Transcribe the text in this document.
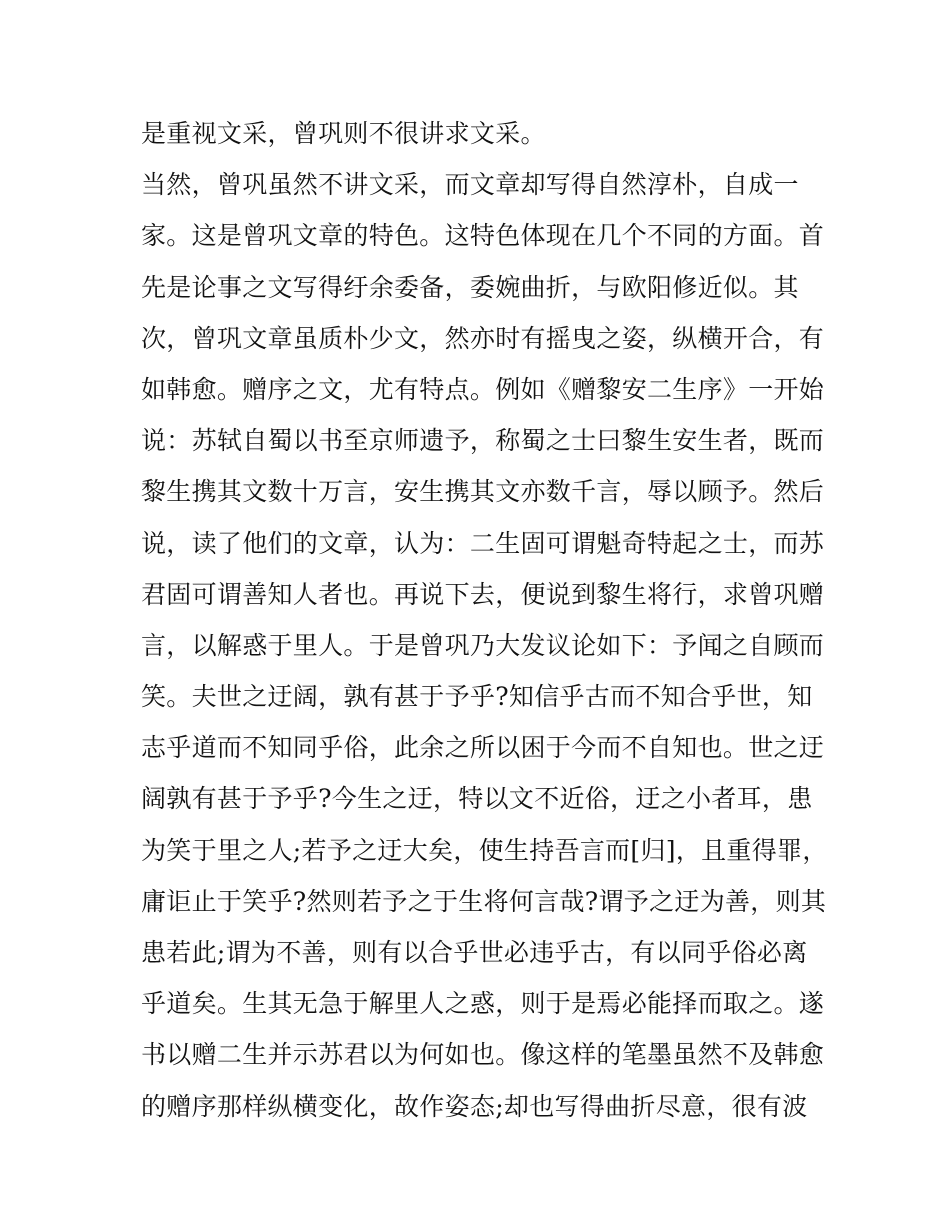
是重视文采，曾巩则不很讲求文采。
当然，曾巩虽然不讲文采，而文章却写得自然淳朴，自成一
家。这是曾巩文章的特色。这特色体现在几个不同的方面。首
先是论事之文写得纡余委备，委婉曲折，与欧阳修近似。其
次，曾巩文章虽质朴少文，然亦时有摇曳之姿，纵横开合，有
如韩愈。赠序之文，尤有特点。例如《赠黎安二生序》一开始
说：苏轼自蜀以书至京师遗予，称蜀之士曰黎生安生者，既而
黎生携其文数十万言，安生携其文亦数千言，辱以顾予。然后
说，读了他们的文章，认为：二生固可谓魁奇特起之士，而苏
君固可谓善知人者也。再说下去，便说到黎生将行，求曾巩赠
言，以解惑于里人。于是曾巩乃大发议论如下：予闻之自顾而
笑。夫世之迂阔，孰有甚于予乎?知信乎古而不知合乎世，知
志乎道而不知同乎俗，此余之所以困于今而不自知也。世之迂
阔孰有甚于予乎?今生之迂，特以文不近俗，迂之小者耳，患
为笑于里之人;若予之迂大矣，使生持吾言而[归]，且重得罪，
庸讵止于笑乎?然则若予之于生将何言哉?谓予之迂为善，则其
患若此;谓为不善，则有以合乎世必违乎古，有以同乎俗必离
乎道矣。生其无急于解里人之惑，则于是焉必能择而取之。遂
书以赠二生并示苏君以为何如也。像这样的笔墨虽然不及韩愈
的赠序那样纵横变化，故作姿态;却也写得曲折尽意，很有波
